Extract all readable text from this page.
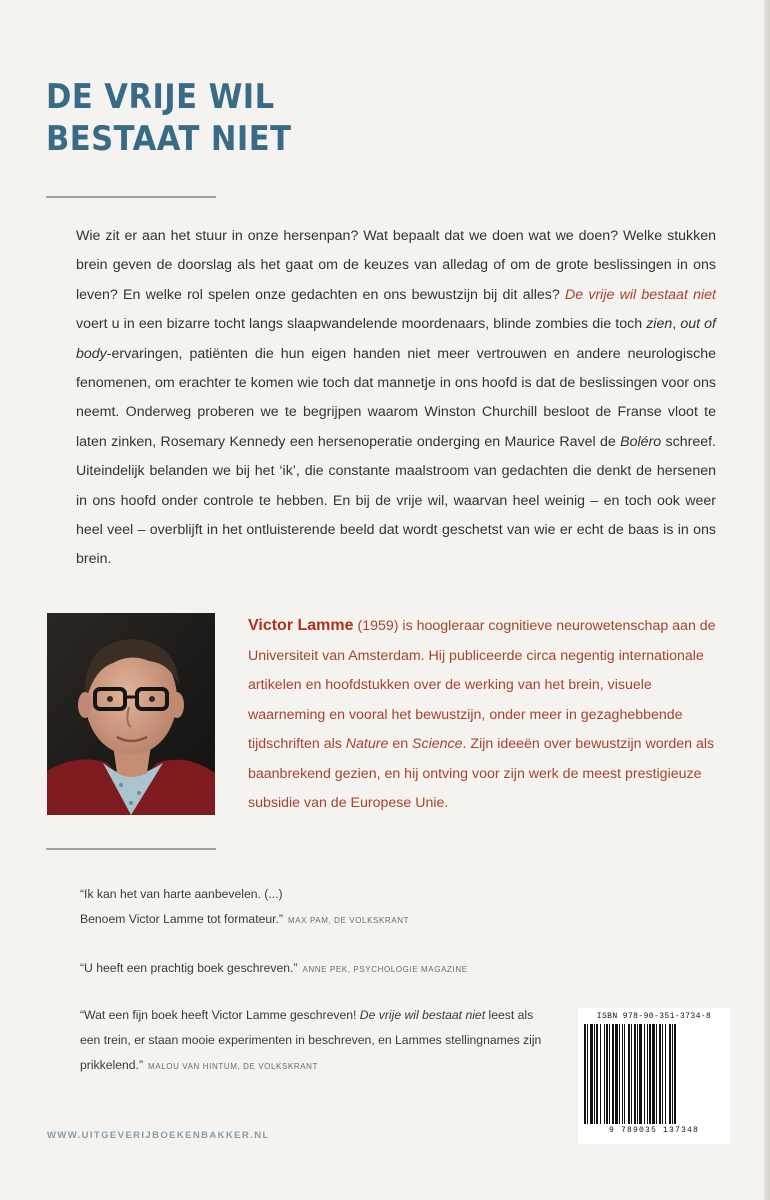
DE VRIJE WIL
BESTAAT NIET

Wie zit er aan het stuur in onze hersenpan? Wat bepaalt dat we doen wat we doen? Welke stukken brein geven de doorslag als het gaat om de keuzes van alledag of om de grote beslissingen in ons leven? En welke rol spelen onze gedachten en ons bewustzijn bij dit alles? De vrije wil bestaat niet voert u in een bizarre tocht langs slaapwandelende moordenaars, blinde zombies die toch zien, out of body-ervaringen, patiënten die hun eigen handen niet meer vertrouwen en andere neurologische fenomenen, om erachter te komen wie toch dat mannetje in ons hoofd is dat de beslissingen voor ons neemt. Onderweg proberen we te begrijpen waarom Winston Churchill besloot de Franse vloot te laten zinken, Rosemary Kennedy een hersenoperatie onderging en Maurice Ravel de Boléro schreef. Uiteindelijk belanden we bij het ‘ik’, die constante maalstroom van gedachten die denkt de hersenen in ons hoofd onder controle te hebben. En bij de vrije wil, waarvan heel weinig – en toch ook weer heel veel – overblijft in het ontluisterende beeld dat wordt geschetst van wie er echt de baas is in ons brein.

Victor Lamme (1959) is hoogleraar cognitieve neurowetenschap aan de Universiteit van Amsterdam. Hij publiceerde circa negentig internationale artikelen en hoofdstukken over de werking van het brein, visuele waarneming en vooral het bewustzijn, onder meer in gezaghebbende tijdschriften als Nature en Science. Zijn ideeën over bewustzijn worden als baanbrekend gezien, en hij ontving voor zijn werk de meest prestigieuze subsidie van de Europese Unie.

“Ik kan het van harte aanbevelen. (...)
Benoem Victor Lamme tot formateur.” MAX PAM, DE VOLKSKRANT

“U heeft een prachtig boek geschreven.” ANNE PEK, PSYCHOLOGIE MAGAZINE

“Wat een fijn boek heeft Victor Lamme geschreven! De vrije wil bestaat niet leest als een trein, er staan mooie experimenten in beschreven, en Lammes stellingnames zijn prikkelend.” MALOU VAN HINTUM, DE VOLKSKRANT

ISBN 978-90-351-3734-8
9 789035 137348
WWW.UITGEVERIJBOEKENBAKKER.NL
